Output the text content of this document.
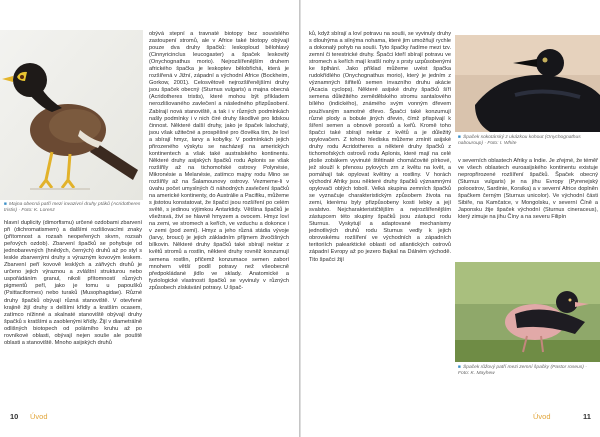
■ Majna obecná patří mezi invazivní druhy ptáků (Acridotheres tristis) · Foto: K. Lorenz

hlavní duplicity (dimorfismu) určené ozdobami zbarvení při (dichromatismem) a dalšími rozlišovacími znaky (přítomnost a rozsah neopeřených skvrn, rozsah peřových ozdob). Zbarvení špačků se pohybuje od jednobarevných (hnědých, černých) druhů až po styl s leskle zbarvenými druhy s výrazným kovovým leskem. Zbarvení peří kovově lesklých a zářivých druhů je určeno jejich výraznou a zvláštní strukturou nebo uspořádáním granul, nikoli přítomností různých pigmentů peří, jako je tomu u papoušků (Psittaciformes) nebo turaků (Musophagidae). Různé druhy špačků obývají různá stanoviště. V otevřené krajině žijí druhy s delšími křídly a kratším ocasem, zatímco nížinné a skalnaté stanoviště obývají druhy špačků s kratšími a zaoblenými křídly. Žijí v diametrálně odlišných biotopech od polárního kruhu až po rovníkové oblasti, obývají nejen souše ale pouště oblasti a stanoviště. Mnoho asijských druhů

obývá stepní a travnaté biotopy bez souvislého zastoupení stromů, ale v Africe také biotopy obývají pouze dva druhy špačků: leskoploud bělohlavý (Cinnyricinclus leucogaster) a špaček leskovitý (Onychognathus morio). Nejrozšířenějším druhem afrického špačka je leskoptev bělobřichá, která je rozšířená v Jižní, západní a východní Africe (Bockheim, Gorkow, 2001). Celosvětově nejrozšířenějšími druhy jsou špaček obecný (Sturnus vulgaris) a majna obecná (Acridotheres tristis), které mohou být příkladem nerozlišovaného zavlečení a následného přizpůsobení. Zabírají nová stanoviště, a tak i v různých podmínkách našly podmínky i v nich čiré druhy škodlivé pro lidskou činnost. Některé další druhy, jako je špaček lalochatý, jsou však užitečné a prospěšné pro člověka tím, že loví a sbírají hmyz, larvy a kobylky. V podmínkách jejich přirozeného výskytu se nacházejí na amerických kontinentech a však také australského kontinentu. Některé druhy asijských špačků rodu Aplonis se však rozšířily až na tichomořské ostrovy Polynésie, Mikronésie a Melanésie, zatímco majny rodu Mino se rozšířily až na Šalamounovy ostrovy. Vezmeme-li v úvahu počet umyslných či náhodných zavlečení špačků na americké kontinenty, do Austrálie a Pacifiku, můžeme s jistotou konstatovat, že špačci jsou rozšíření po celém světě, s jedinou výjimkou Antarktidy. Většina špačků je všežravá, živí se hlavně hmyzem a ovocem. Hmyz loví na zemi, ve stromech a keřích, ve vzduchu a dokonce i v zemi (pod zemí). Hmyz a jeho různá stádia vývoje (larvy, brouci) je jejich základním příjmem živočišných bílkovin. Některé druhy špačků také sbírají nektar z květů stromů a rostlin, některé druhy rovněž konzumují semena rostlin, přičemž konzumace semen zaborí mnohem větší podíl potravy než všeobecně předpokládané jídlo ve sklady. Anatomické a fyziologické vlastnosti špačků se vyvinuly v různých způsobech získávání potravy. U špač-

10 Úvod

ků, když sbírají a loví potravu na souši, se vyvinuly druhy s dlouhýma a silnýma nohama, které jim umožňují rychle a dokonalý pohyb na souši. Tyto špačky řadíme mezi tzv. zemní či terestrické druhy. Špačci kteří sbírají potravu ve stromech a keřích mají kratší nohy s prsty uzpůsobenými ke šplhání. Jako příklad můžeme uvést špačka rudokřídlého (Onychognathus morio), který je jedním z významných šiřitelů semen invazního druhu akácie (Acacia cyclops). Některé asijské druhy špačků šíří semena důležitého zemědělského stromu santalového bílého (indického), známého svým vonným dřevem používaným samotné dřevo. Špačci také konzumují různé plody a bobule jiných dřevin, čímž přispívají k šíření semen a obnově porostů a keřů. Kromě toho špačci také sbírají nektar z květů a je důležitý opylovačem. Z tohoto hlediska můžeme zmínit asijské druhy rodu Acridotheres a některé druhy špačků z tichomořských ostrovů rodu Aplonis, které mají na celé ploše zobákem vyvinuté štětinaté chomáčovité pírkové, jež slouží k přenosu pylových zrn z květu na květ, a pomáhají tak opylovat květiny a rostliny. V horách východní Afriky jsou některé druhy špačků významnými opylovači oblých tobolí. Velká skupina zemních špačků se vyznačuje charakteristickým způsobem života na zemi, kterému byly přizpůsobeny kosti lebky a její svalstvo. Nejcharakterističtějším a nejrozšířenějším zástupcem této skupiny špačků jsou zástupci rodu Sturnus. Vyskytují a adaptované mechanismy jednotlivých druhů rodu Sturnus vedly k jejich obrovskému rozšíření ve východních a západních teritoriích palearktické oblasti od atlantických ostrovů západní Evropy až po jezero Bajkal na Dálném východě. Tito špačci žijí

■ Špaček sokotárský z ukázkou kohout (Onychognathus nabouroup) · Foto: I. White

v severních oblastech Afriky a Indie. Je zřejmé, že téměř ve všech oblastech euroasijského kontinentu existuje nepropřirozené rozšíření špačků. Špaček obecný (Sturnus vulgaris) je na jihu Evropy (Pyrenejský poloostrov, Sardinie, Korsika) a v severní Africe doplněn špačkem černým (Sturnus unicolor). Ve východní části Sibiře, na Kamčatce, v Mongolsku, v severní Číně a Japonsku žije špaček východní (Sturnus cineraceus), který zimuje na jihu Číny a na severu Filipín

■ Špaček růžový patří mezi zemní špačky (Pastor roseus) · Foto: K. Mayhew
Úvod	11
